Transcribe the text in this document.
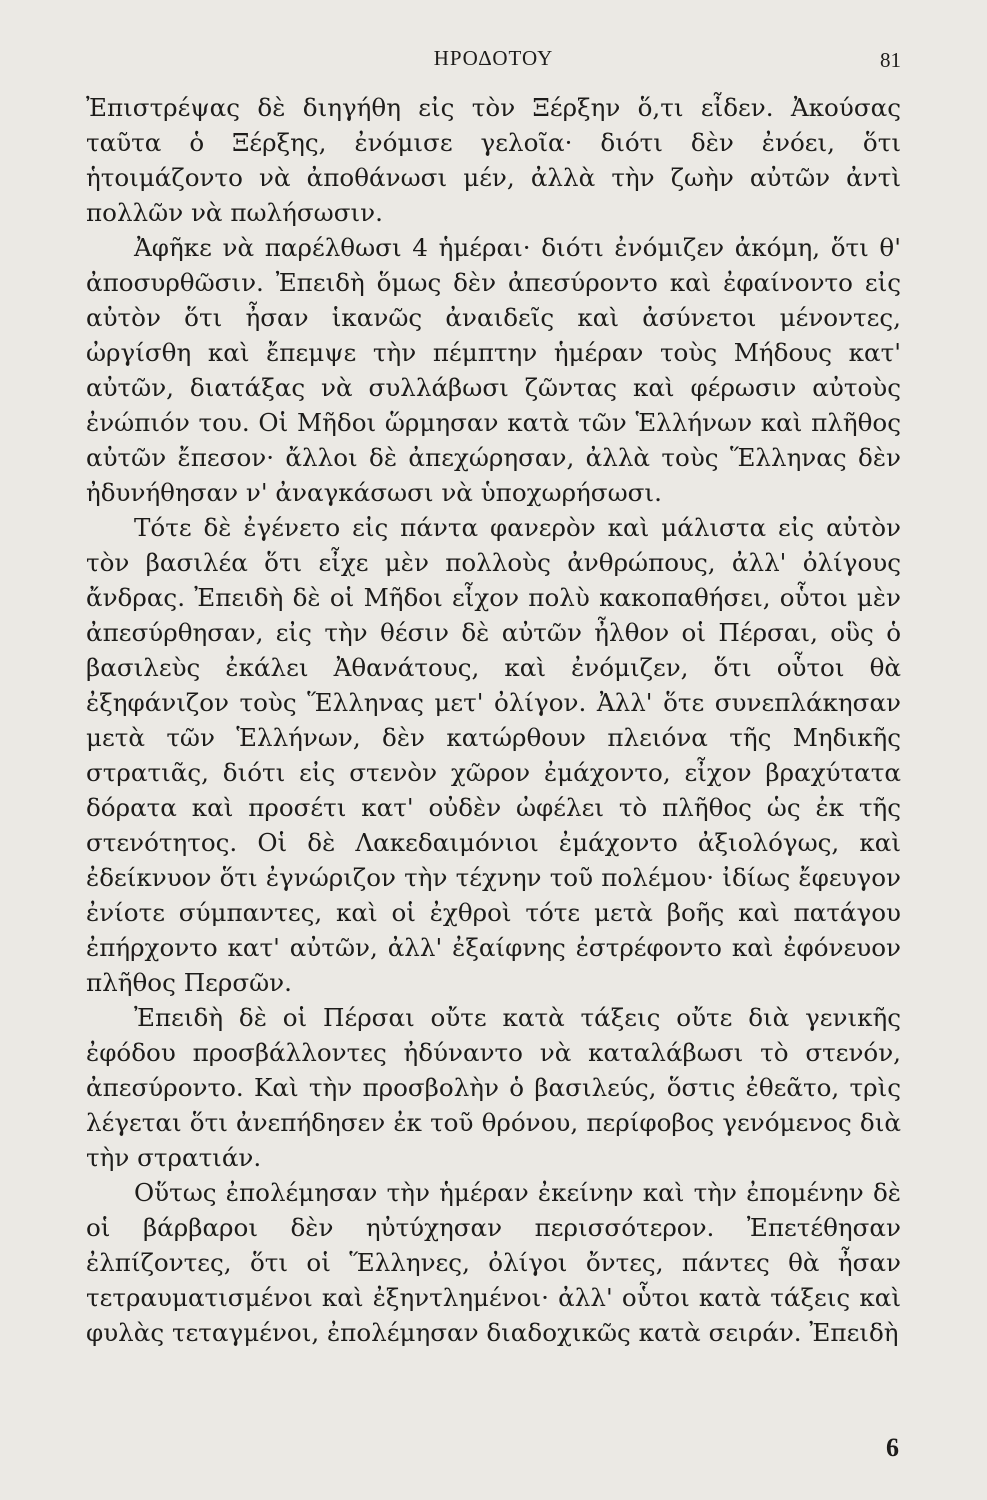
ΗΡΟΔΟΤΟΥ	81

Ἐπιστρέψας δὲ διηγήθη εἰς τὸν Ξέρξην ὅ,τι εἶδεν. Ἀκούσας ταῦτα ὁ Ξέρξης, ἐνόμισε γελοῖα· διότι δὲν ἐνόει, ὅτι ἡτοιμάζοντο νὰ ἀποθάνωσι μέν, ἀλλὰ τὴν ζωὴν αὐτῶν ἀντὶ πολλῶν νὰ πωλήσωσιν.

Ἀφῆκε νὰ παρέλθωσι 4 ἡμέραι· διότι ἐνόμιζεν ἀκόμη, ὅτι θ' ἀποσυρθῶσιν. Ἐπειδὴ ὅμως δὲν ἀπεσύροντο καὶ ἐφαίνοντο εἰς αὐτὸν ὅτι ἦσαν ἱκανῶς ἀναιδεῖς καὶ ἀσύνετοι μένοντες, ὠργίσθη καὶ ἔπεμψε τὴν πέμπτην ἡμέραν τοὺς Μήδους κατ' αὐτῶν, διατάξας νὰ συλλάβωσι ζῶντας καὶ φέρωσιν αὐτοὺς ἐνώπιόν του. Οἱ Μῆδοι ὥρμησαν κατὰ τῶν Ἑλλήνων καὶ πλῆθος αὐτῶν ἔπεσον· ἄλλοι δὲ ἀπεχώρησαν, ἀλλὰ τοὺς Ἕλληνας δὲν ἠδυνήθησαν ν' ἀναγκάσωσι νὰ ὑποχωρήσωσι.

Τότε δὲ ἐγένετο εἰς πάντα φανερὸν καὶ μάλιστα εἰς αὐτὸν τὸν βασιλέα ὅτι εἶχε μὲν πολλοὺς ἀνθρώπους, ἀλλ' ὀλίγους ἄνδρας. Ἐπειδὴ δὲ οἱ Μῆδοι εἶχον πολὺ κακοπαθήσει, οὗτοι μὲν ἀπεσύρθησαν, εἰς τὴν θέσιν δὲ αὐτῶν ἦλθον οἱ Πέρσαι, οὓς ὁ βασιλεὺς ἐκάλει Ἀθανάτους, καὶ ἐνόμιζεν, ὅτι οὗτοι θὰ ἐξηφάνιζον τοὺς Ἕλληνας μετ' ὀλίγον. Ἀλλ' ὅτε συνεπλάκησαν μετὰ τῶν Ἑλλήνων, δὲν κατώρθουν πλειόνα τῆς Μηδικῆς στρατιᾶς, διότι εἰς στενὸν χῶρον ἐμάχοντο, εἶχον βραχύτατα δόρατα καὶ προσέτι κατ' οὐδὲν ὠφέλει τὸ πλῆθος ὡς ἐκ τῆς στενότητος. Οἱ δὲ Λακεδαιμόνιοι ἐμάχοντο ἀξιολόγως, καὶ ἐδείκνυον ὅτι ἐγνώριζον τὴν τέχνην τοῦ πολέμου· ἰδίως ἔφευγον ἐνίοτε σύμπαντες, καὶ οἱ ἐχθροὶ τότε μετὰ βοῆς καὶ πατάγου ἐπήρχοντο κατ' αὐτῶν, ἀλλ' ἐξαίφνης ἐστρέφοντο καὶ ἐφόνευον πλῆθος Περσῶν.

Ἐπειδὴ δὲ οἱ Πέρσαι οὔτε κατὰ τάξεις οὔτε διὰ γενικῆς ἐφόδου προσβάλλοντες ἠδύναντο νὰ καταλάβωσι τὸ στενόν, ἀπεσύροντο. Καὶ τὴν προσβολὴν ὁ βασιλεύς, ὅστις ἐθεᾶτο, τρὶς λέγεται ὅτι ἀνεπήδησεν ἐκ τοῦ θρόνου, περίφοβος γενόμενος διὰ τὴν στρατιάν.

Οὕτως ἐπολέμησαν τὴν ἡμέραν ἐκείνην καὶ τὴν ἐπομένην δὲ οἱ βάρβαροι δὲν ηὐτύχησαν περισσότερον. Ἐπετέθησαν ἐλπίζοντες, ὅτι οἱ Ἕλληνες, ὀλίγοι ὄντες, πάντες θὰ ἦσαν τετραυματισμένοι καὶ ἐξηντλημένοι· ἀλλ' οὗτοι κατὰ τάξεις καὶ φυλὰς τεταγμένοι, ἐπολέμησαν διαδοχικῶς κατὰ σειράν. Ἐπειδὴ

6
